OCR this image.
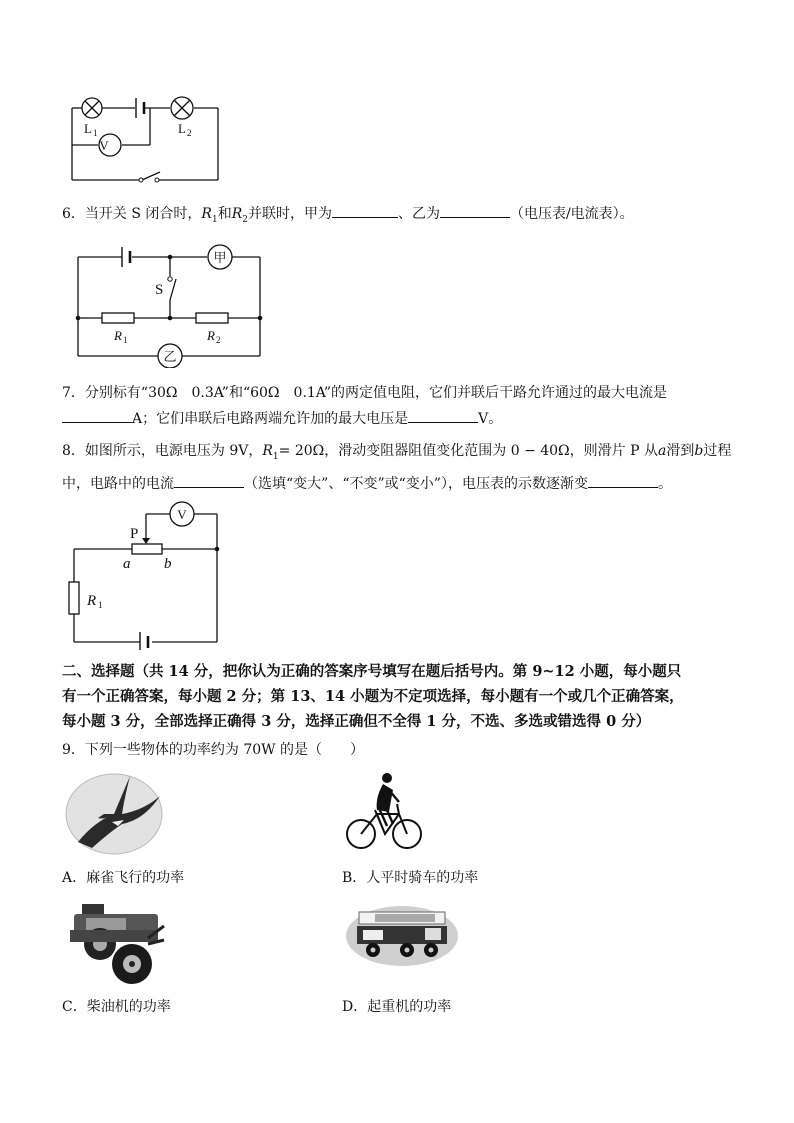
V
L 1	L 2
6．当开关 S 闭合时，$R_1$和$R_2$并联时，甲为	、乙为	（电压表/电流表）。
甲
乙
S
R 1	R 2
7．分别标有“30Ω　0.3A”和“60Ω　0.1A”的两定值电阻，它们并联后干路允许通过的最大电流是
A；它们串联后电路两端允许加的最大电压是	V。
8．如图所示，电源电压为 9V，$R_1= 20\Omega$，滑动变阻器阻值变化范围为 0 − 40Ω，则滑片 P 从a滑到b过程
中，电路中的电流	（选填“变大”、“不变”或“变小”），电压表的示数逐渐变	。
V
P
a b
R 1
二、选择题（共 14 分，把你认为正确的答案序号填写在题后括号内。第 9~12 小题，每小题只
有一个正确答案，每小题 2 分；第 13、14 小题为不定项选择，每小题有一个或几个正确答案，
每小题 3 分，全部选择正确得 3 分，选择正确但不全得 1 分，不选、多选或错选得 0 分）
9．下列一些物体的功率约为 70W 的是（　　）
A．麻雀飞行的功率	B．人平时骑车的功率
C．柴油机的功率	D．起重机的功率
